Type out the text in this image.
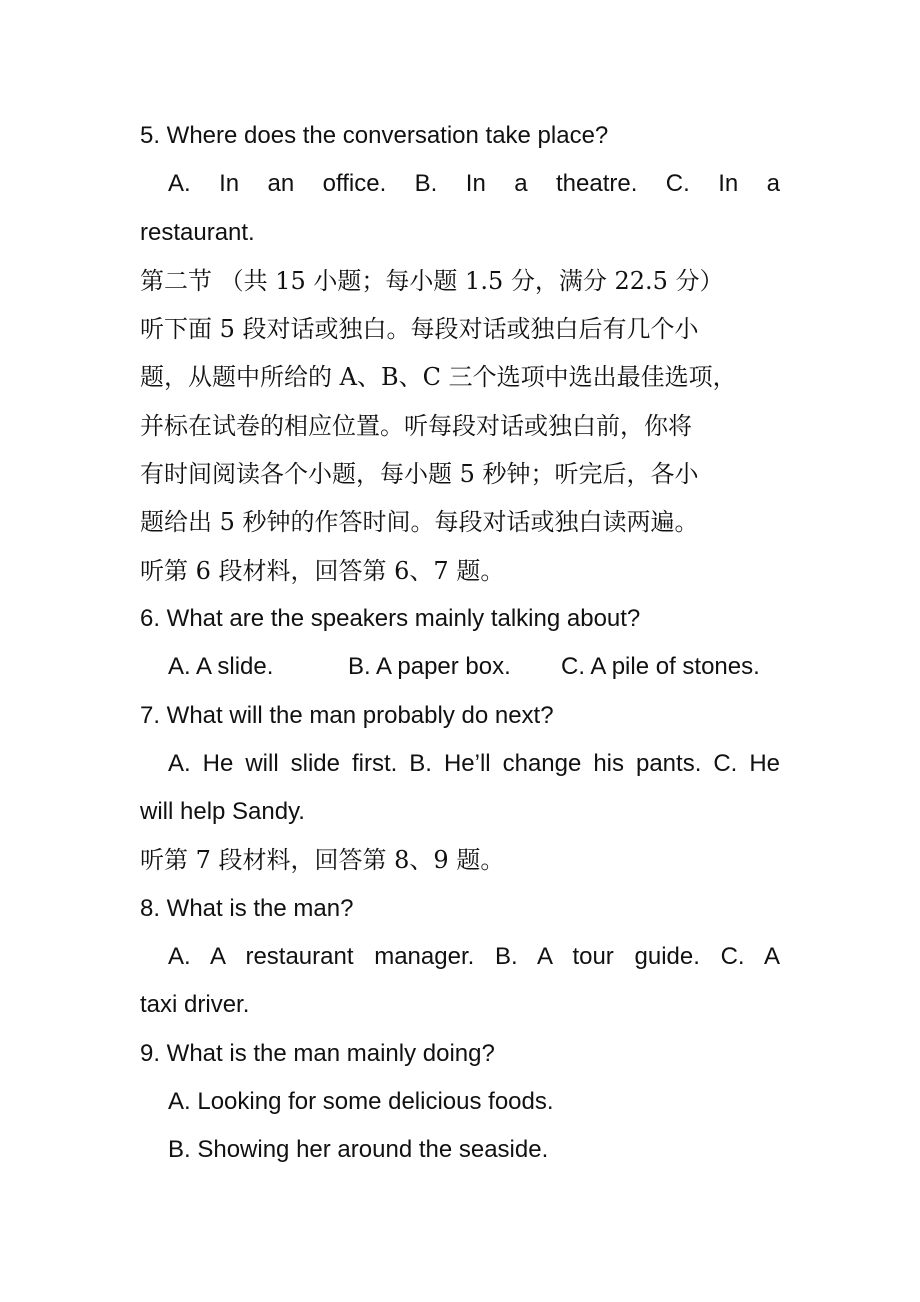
5. Where does the conversation take place?
A. In an office. B. In a theatre. C. In a
restaurant.
第二节 （共 15 小题；每小题 1.5 分，满分 22.5 分）
听下面 5 段对话或独白。每段对话或独白后有几个小
题，从题中所给的 A、B、C 三个选项中选出最佳选项，
并标在试卷的相应位置。听每段对话或独白前，你将
有时间阅读各个小题，每小题 5 秒钟；听完后，各小
题给出 5 秒钟的作答时间。每段对话或独白读两遍。
听第 6 段材料，回答第 6、7 题。
6. What are the speakers mainly talking about?
A. A slide.	B. A paper box.	C. A pile of stones.
7. What will the man probably do next?
A. He will slide first. B. He’ll change his pants. C. He
will help Sandy.
听第 7 段材料，回答第 8、9 题。
8. What is the man?
A. A restaurant manager. B. A tour guide. C. A
taxi driver.
9. What is the man mainly doing?
A. Looking for some delicious foods.
B. Showing her around the seaside.
